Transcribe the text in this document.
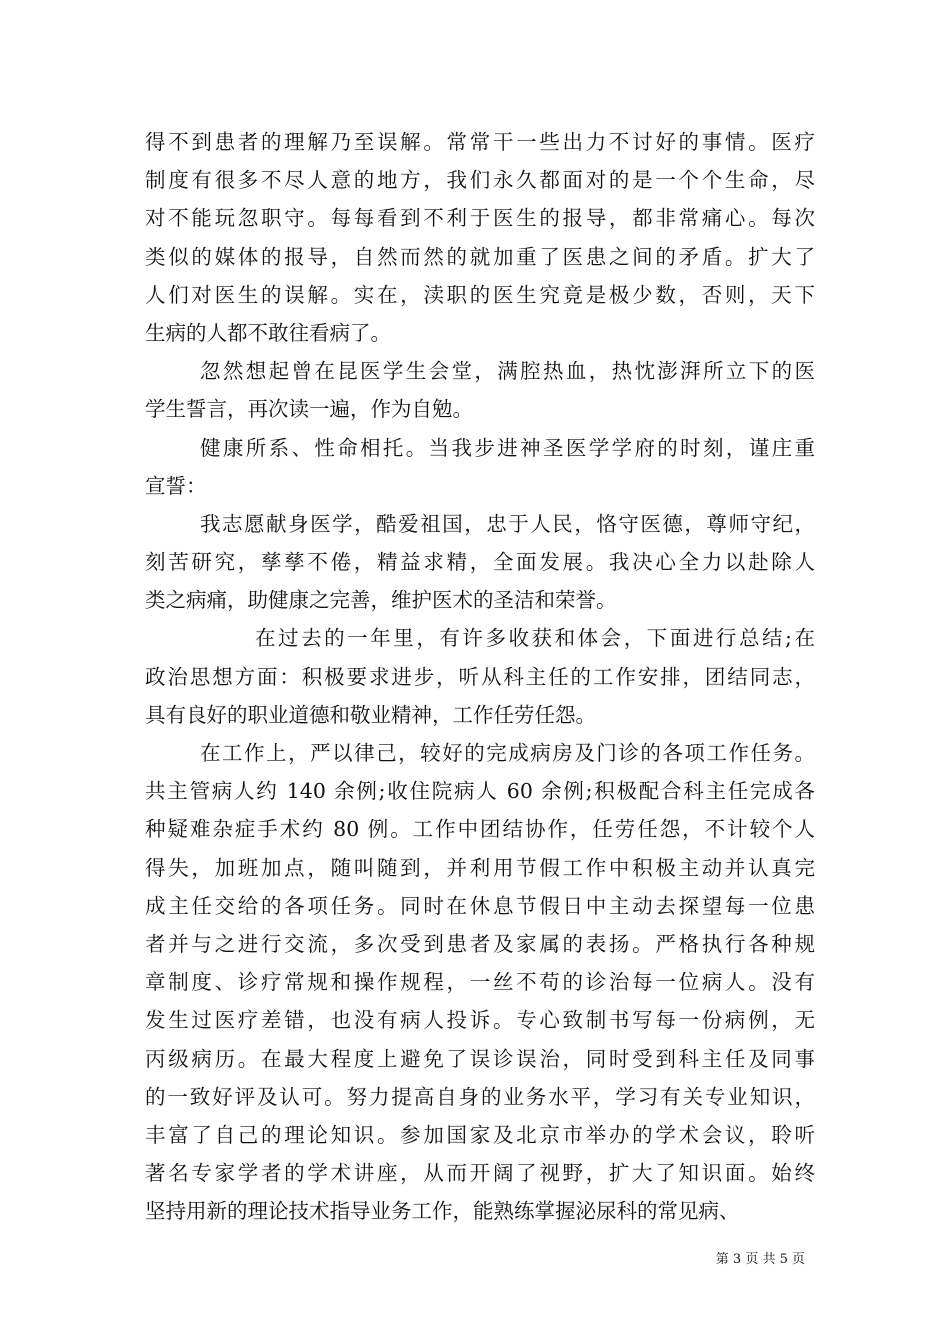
得不到患者的理解乃至误解。常常干一些出力不讨好的事情。医疗
制度有很多不尽人意的地方，我们永久都面对的是一个个生命，尽
对不能玩忽职守。每每看到不利于医生的报导，都非常痛心。每次
类似的媒体的报导，自然而然的就加重了医患之间的矛盾。扩大了
人们对医生的误解。实在，渎职的医生究竟是极少数，否则，天下
生病的人都不敢往看病了。
忽然想起曾在昆医学生会堂，满腔热血，热忱澎湃所立下的医
学生誓言，再次读一遍，作为自勉。
健康所系、性命相托。当我步进神圣医学学府的时刻，谨庄重
宣誓：
我志愿献身医学，酷爱祖国，忠于人民，恪守医德，尊师守纪，
刻苦研究，孳孳不倦，精益求精，全面发展。我决心全力以赴除人
类之病痛，助健康之完善，维护医术的圣洁和荣誉。
在过去的一年里，有许多收获和体会，下面进行总结;在
政治思想方面：积极要求进步，听从科主任的工作安排，团结同志，
具有良好的职业道德和敬业精神，工作任劳任怨。
在工作上，严以律己，较好的完成病房及门诊的各项工作任务。
共主管病人约 140 余例;收住院病人 60 余例;积极配合科主任完成各
种疑难杂症手术约 80 例。工作中团结协作，任劳任怨，不计较个人
得失，加班加点，随叫随到，并利用节假工作中积极主动并认真完
成主任交给的各项任务。同时在休息节假日中主动去探望每一位患
者并与之进行交流，多次受到患者及家属的表扬。严格执行各种规
章制度、诊疗常规和操作规程，一丝不苟的诊治每一位病人。没有
发生过医疗差错，也没有病人投诉。专心致制书写每一份病例，无
丙级病历。在最大程度上避免了误诊误治，同时受到科主任及同事
的一致好评及认可。努力提高自身的业务水平，学习有关专业知识，
丰富了自己的理论知识。参加国家及北京市举办的学术会议，聆听
著名专家学者的学术讲座，从而开阔了视野，扩大了知识面。始终
坚持用新的理论技术指导业务工作，能熟练掌握泌尿科的常见病、
第 3 页 共 5 页
